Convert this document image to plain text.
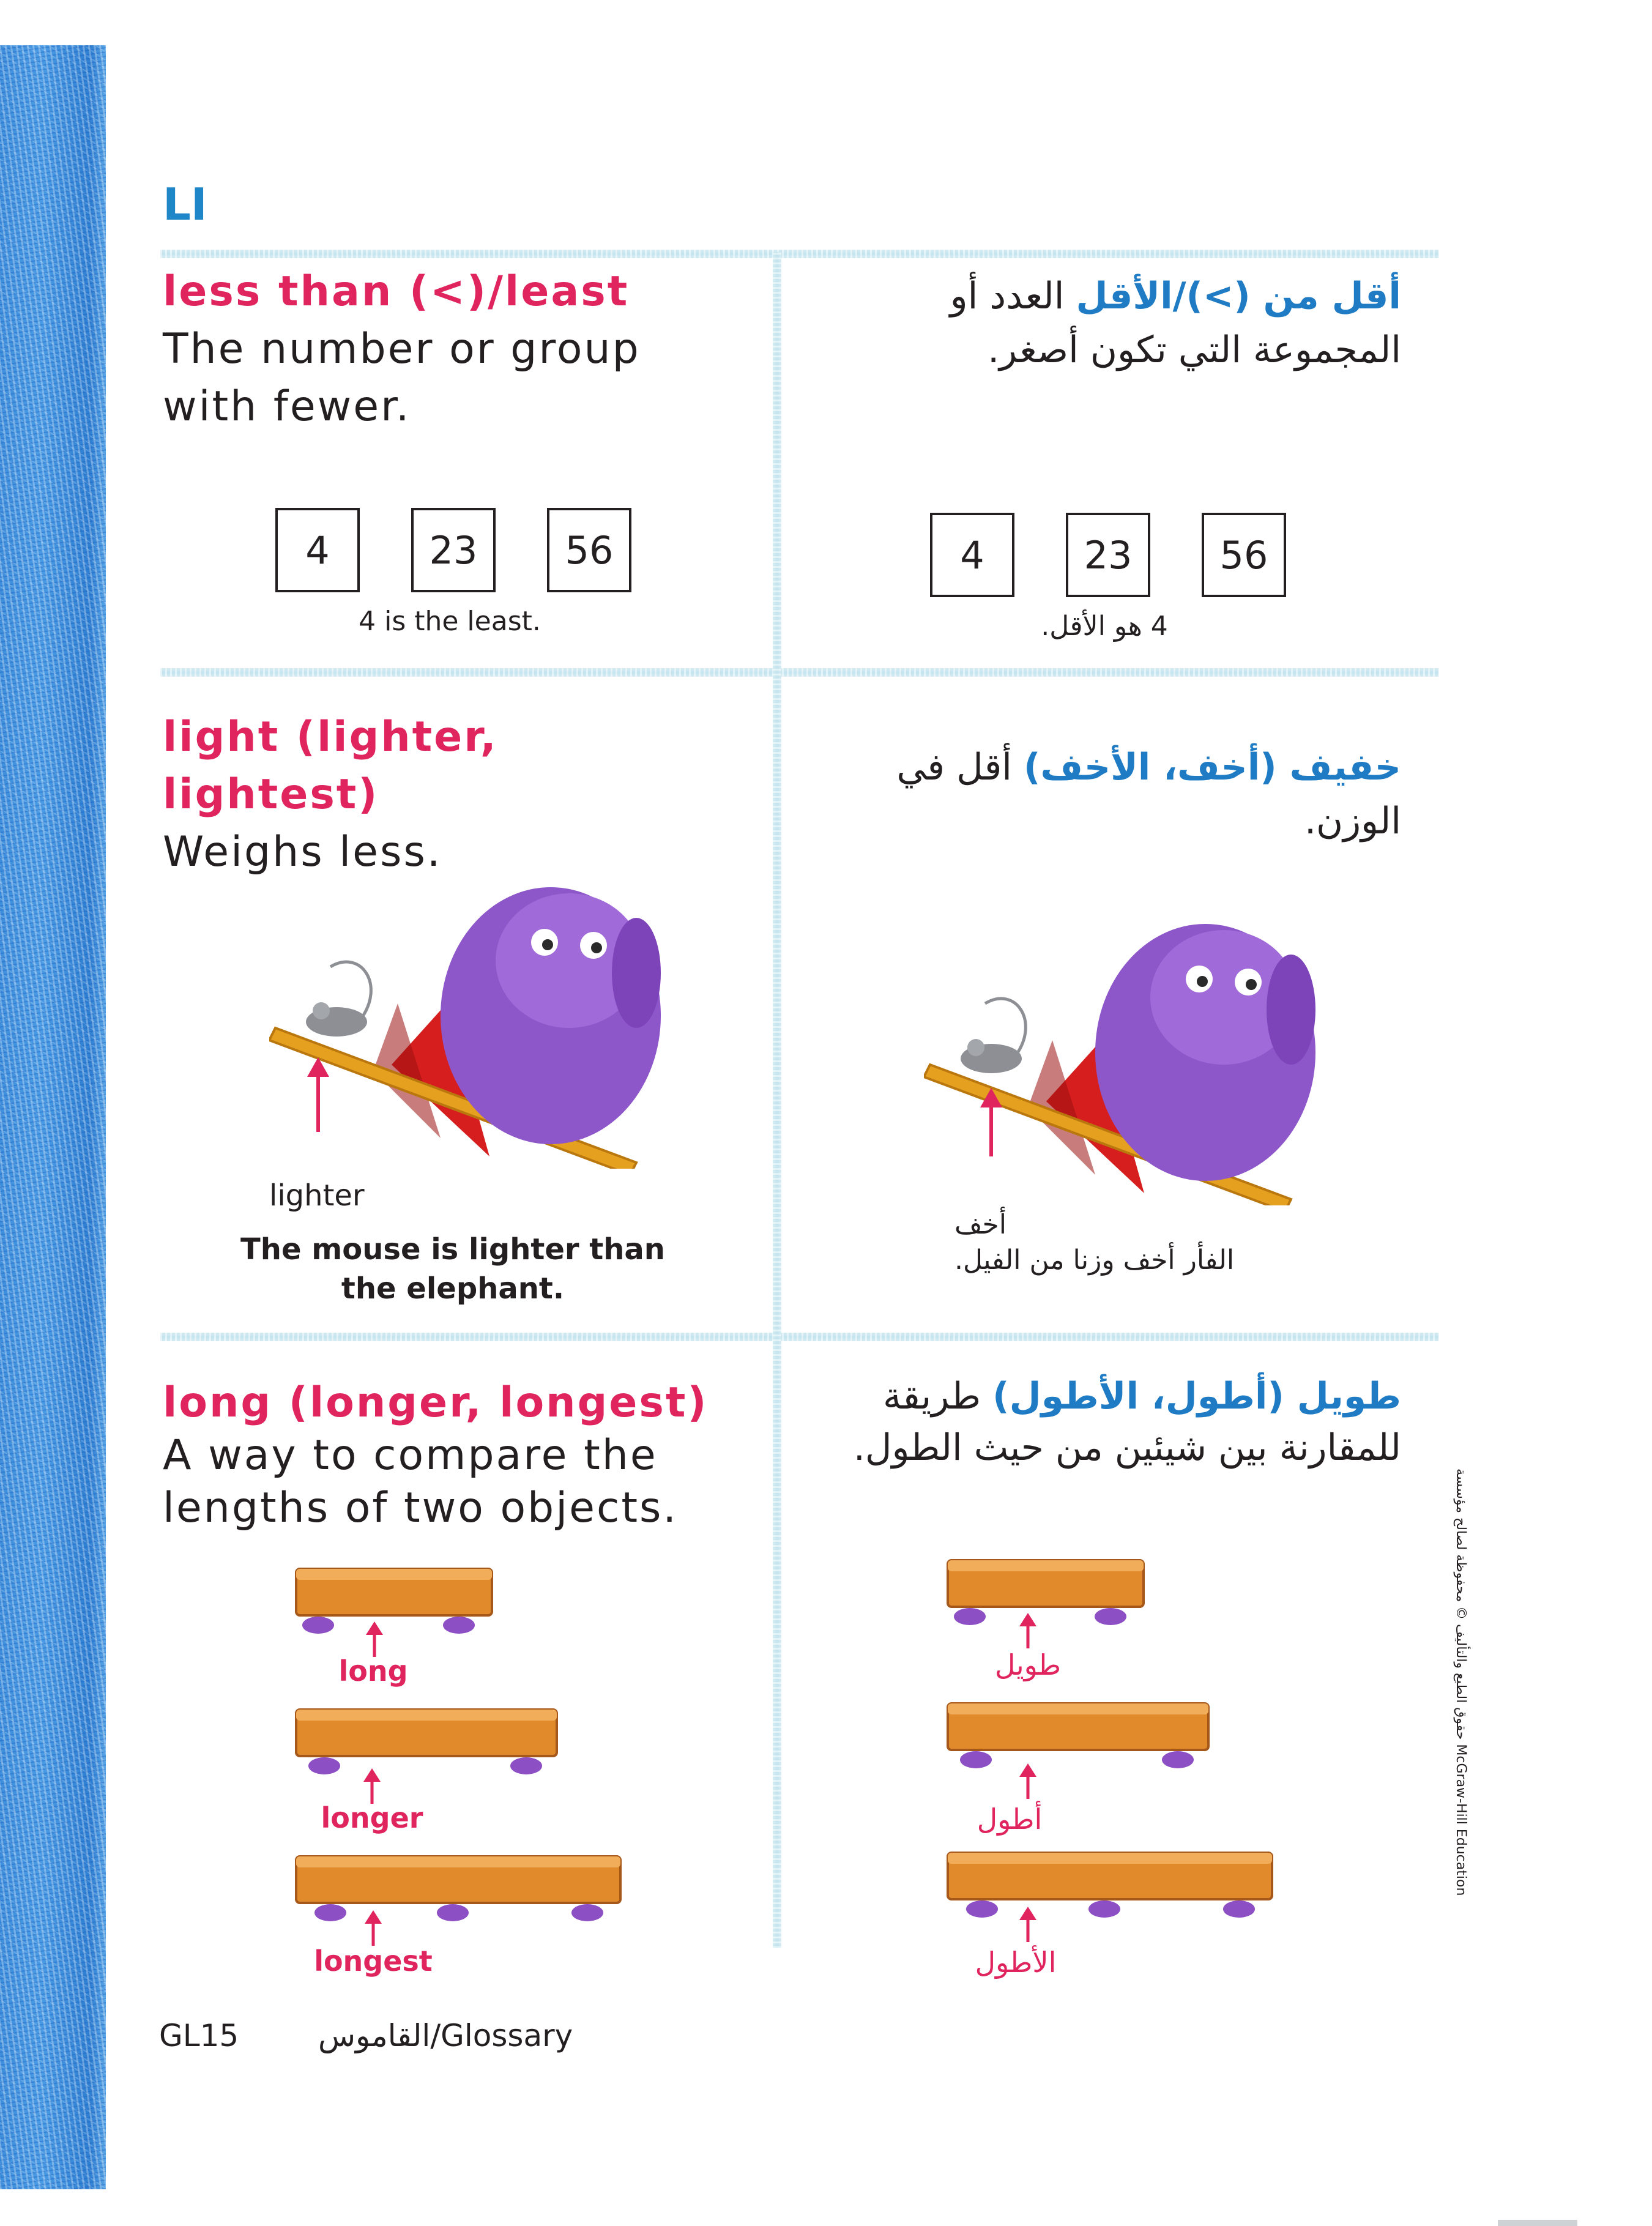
LI
less than (<)/least The number or group with fewer.
4	23	56
4 is the least.
أقل من (>)/الأقل العدد أو المجموعة التي تكون أصغر.
4	23	56
4 هو الأقل.
light (lighter, lightest)
Weighs less.
lighter
The mouse is lighter than the elephant.
خفيف (أخف، الأخف) أقل في الوزن.
أخف
الفأر أخف وزنا من الفيل.
long (longer, longest) A way to compare the lengths of two objects.
long
longer
longest
طويل (أطول، الأطول) طريقة للمقارنة بين شيئين من حيث الطول.
طويل
أطول
الأطول
GL15	القاموس/Glossary
حقوق الطبع والتأليف © محفوظة لصالح مؤسسة McGraw-Hill Education
